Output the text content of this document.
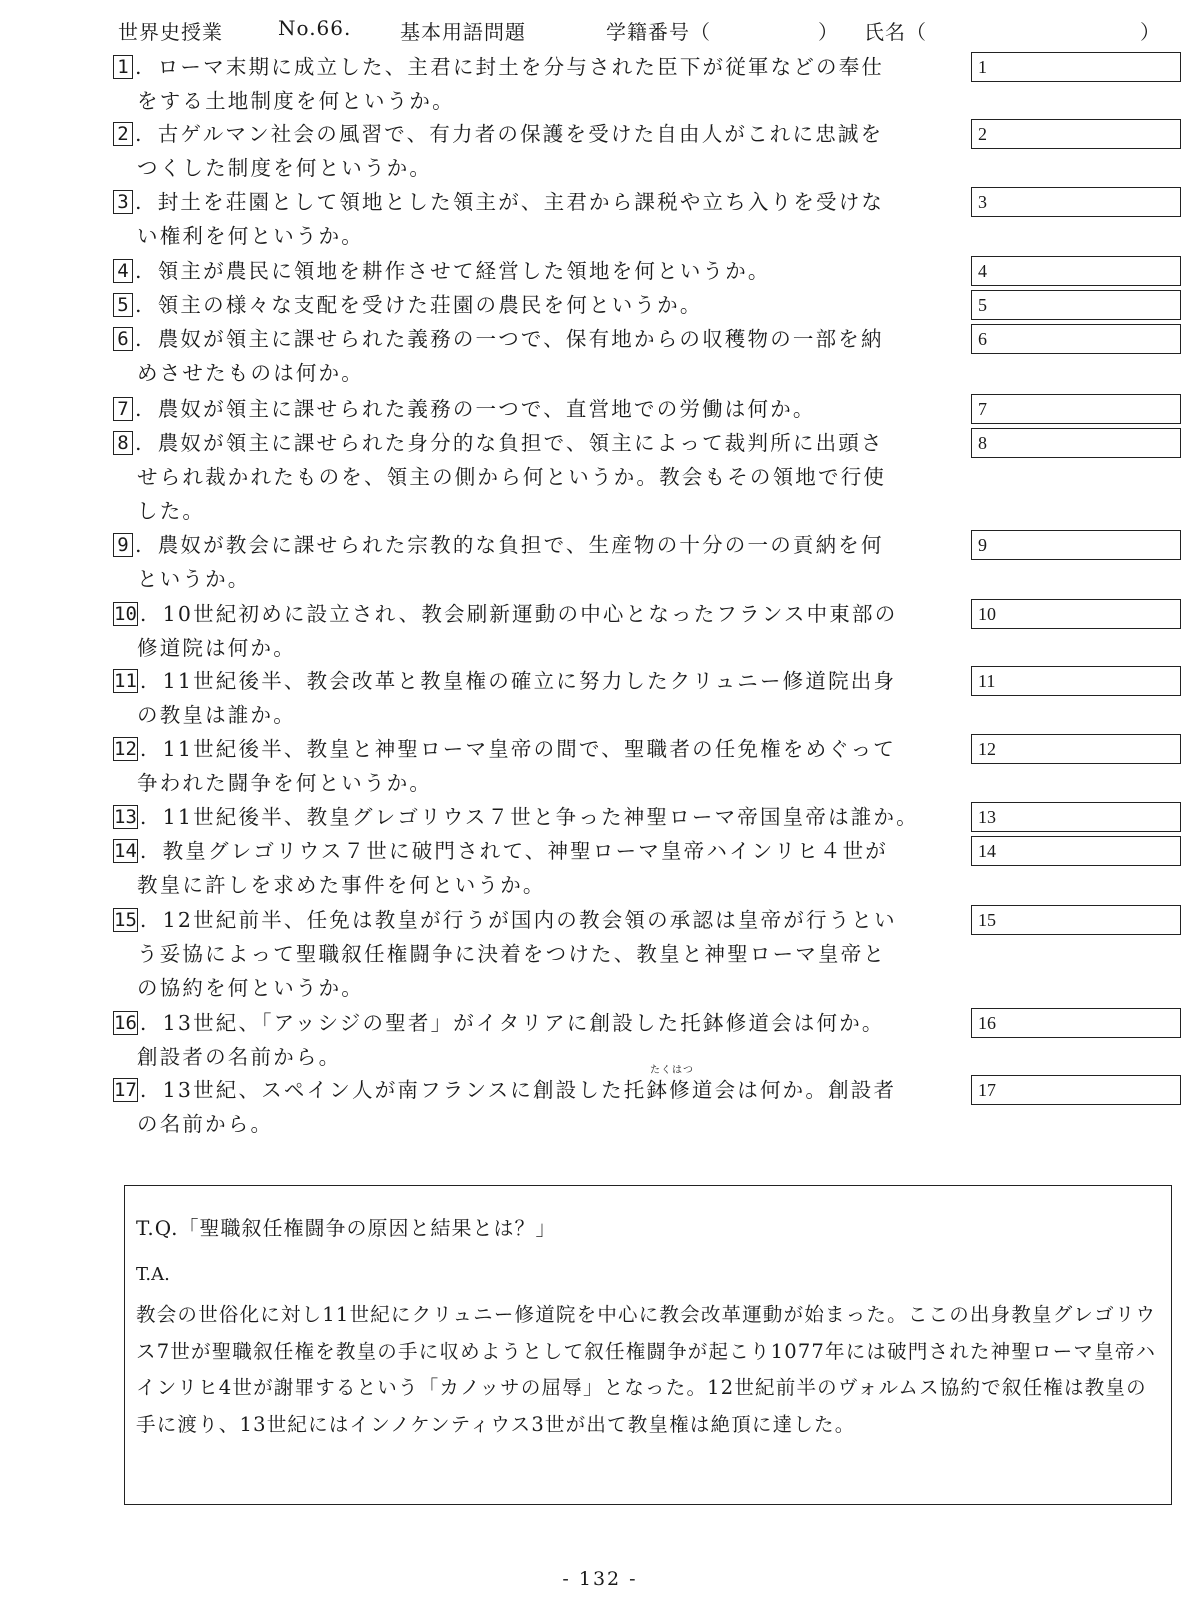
世界史授業	No.66. 基本用語問題	学籍番号（	） 氏名（	）
1 . ローマ末期に成立した、主君に封土を分与された臣下が従軍などの奉仕
をする土地制度を何というか。
1
2 . 古ゲルマン社会の風習で、有力者の保護を受けた自由人がこれに忠誠を
つくした制度を何というか。
2
3 . 封土を荘園として領地とした領主が、主君から課税や立ち入りを受けな
い権利を何というか。
3
4 . 領主が農民に領地を耕作させて経営した領地を何というか。	4
5 . 領主の様々な支配を受けた荘園の農民を何というか。	5
6 . 農奴が領主に課せられた義務の一つで、保有地からの収穫物の一部を納
めさせたものは何か。
6
7 . 農奴が領主に課せられた義務の一つで、直営地での労働は何か。	7
8 . 農奴が領主に課せられた身分的な負担で、領主によって裁判所に出頭さ
せられ裁かれたものを、領主の側から何というか。教会もその領地で行使
した。
8
9 . 農奴が教会に課せられた宗教的な負担で、生産物の十分の一の貢納を何
というか。
9
10 . 10世紀初めに設立され、教会刷新運動の中心となったフランス中東部の
修道院は何か。
10
11 . 11世紀後半、教会改革と教皇権の確立に努力したクリュニー修道院出身
の教皇は誰か。
11
12 . 11世紀後半、教皇と神聖ローマ皇帝の間で、聖職者の任免権をめぐって
争われた闘争を何というか。
12
13 . 11世紀後半、教皇グレゴリウス７世と争った神聖ローマ帝国皇帝は誰か。	13
14 . 教皇グレゴリウス７世に破門されて、神聖ローマ皇帝ハインリヒ４世が
教皇に許しを求めた事件を何というか。
14
15 . 12世紀前半、任免は教皇が行うが国内の教会領の承認は皇帝が行うとい
う妥協によって聖職叙任権闘争に決着をつけた、教皇と神聖ローマ皇帝と
の協約を何というか。
15
16 . 13世紀、「アッシジの聖者」がイタリアに創設した托鉢修道会は何か。
創設者の名前から。
16
17 . 13世紀、スペイン人が南フランスに創設した托鉢修道会は何か。創設者
の名前から。
17
たくはつ
T.Q.「聖職叙任権闘争の原因と結果とは？」
T.A.
教会の世俗化に対し11世紀にクリュニー修道院を中心に教会改革運動が始まった。ここの出身教皇グレゴリウス7世が聖職叙任権を教皇の手に収めようとして叙任権闘争が起こり1077年には破門された神聖ローマ皇帝ハインリヒ4世が謝罪するという「カノッサの屈辱」となった。12世紀前半のヴォルムス協約で叙任権は教皇の手に渡り、13世紀にはインノケンティウス3世が出て教皇権は絶頂に達した。
- 132 -
